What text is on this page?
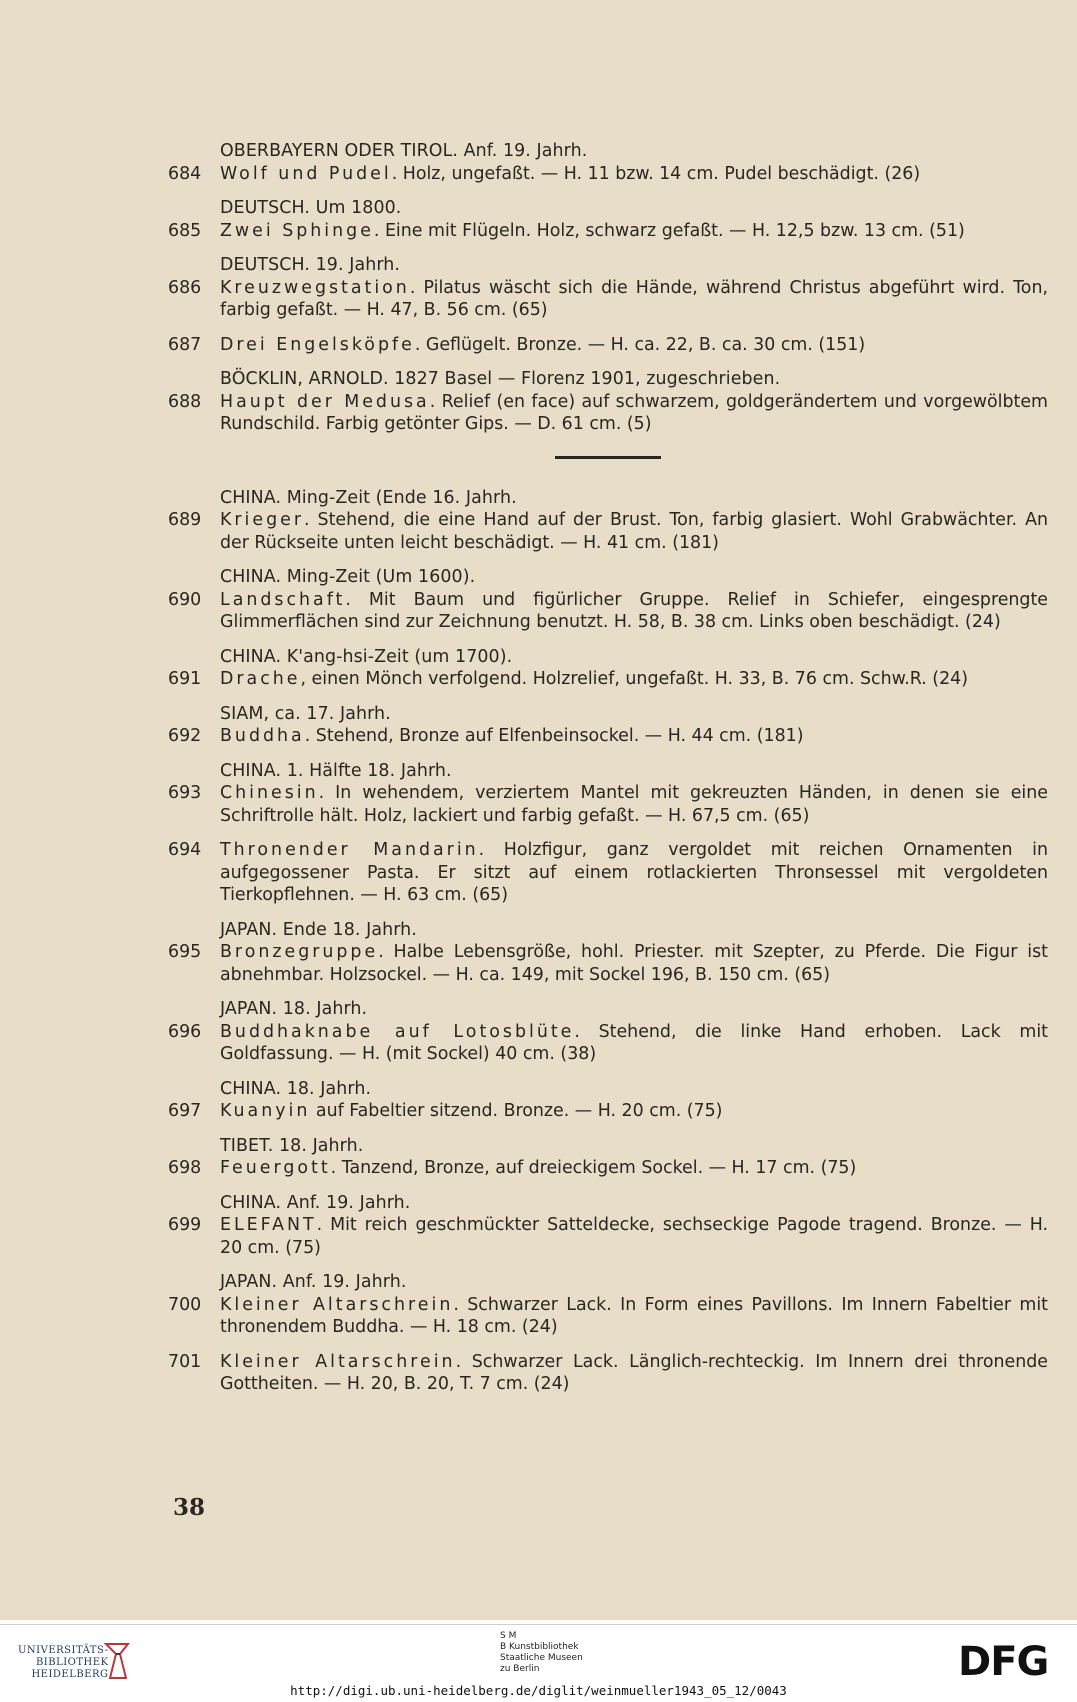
OBERBAYERN ODER TIROL. Anf. 19. Jahrh.
684	Wolf und Pudel. Holz, ungefaßt. — H. 11 bzw. 14 cm. Pudel beschädigt. (26)
DEUTSCH. Um 1800.
685	Zwei Sphinge. Eine mit Flügeln. Holz, schwarz gefaßt. — H. 12,5 bzw. 13 cm. (51)
DEUTSCH. 19. Jahrh.
686	Kreuzwegstation. Pilatus wäscht sich die Hände, während Christus abgeführt wird. Ton, farbig gefaßt. — H. 47, B. 56 cm. (65)
687	Drei Engelsköpfe. Geflügelt. Bronze. — H. ca. 22, B. ca. 30 cm. (151)
BÖCKLIN, ARNOLD. 1827 Basel — Florenz 1901, zugeschrieben.
688	Haupt der Medusa. Relief (en face) auf schwarzem, goldgerändertem und vorgewölbtem Rundschild. Farbig getönter Gips. — D. 61 cm. (5)
CHINA. Ming-Zeit (Ende 16. Jahrh.
689	Krieger. Stehend, die eine Hand auf der Brust. Ton, farbig glasiert. Wohl Grabwächter. An der Rückseite unten leicht beschädigt. — H. 41 cm. (181)
CHINA. Ming-Zeit (Um 1600).
690	Landschaft. Mit Baum und figürlicher Gruppe. Relief in Schiefer, eingesprengte Glimmerflächen sind zur Zeichnung benutzt. H. 58, B. 38 cm. Links oben beschädigt. (24)
CHINA. K'ang-hsi-Zeit (um 1700).
691	Drache, einen Mönch verfolgend. Holzrelief, ungefaßt. H. 33, B. 76 cm. Schw.R. (24)
SIAM, ca. 17. Jahrh.
692	Buddha. Stehend, Bronze auf Elfenbeinsockel. — H. 44 cm. (181)
CHINA. 1. Hälfte 18. Jahrh.
693	Chinesin. In wehendem, verziertem Mantel mit gekreuzten Händen, in denen sie eine Schriftrolle hält. Holz, lackiert und farbig gefaßt. — H. 67,5 cm. (65)
694	Thronender Mandarin. Holzfigur, ganz vergoldet mit reichen Ornamenten in aufgegossener Pasta. Er sitzt auf einem rotlackierten Thronsessel mit vergoldeten Tierkopflehnen. — H. 63 cm. (65)
JAPAN. Ende 18. Jahrh.
695	Bronzegruppe. Halbe Lebensgröße, hohl. Priester. mit Szepter, zu Pferde. Die Figur ist abnehmbar. Holzsockel. — H. ca. 149, mit Sockel 196, B. 150 cm. (65)
JAPAN. 18. Jahrh.
696	Buddhaknabe auf Lotosblüte. Stehend, die linke Hand erhoben. Lack mit Goldfassung. — H. (mit Sockel) 40 cm. (38)
CHINA. 18. Jahrh.
697	Kuanyin auf Fabeltier sitzend. Bronze. — H. 20 cm. (75)
TIBET. 18. Jahrh.
698	Feuergott. Tanzend, Bronze, auf dreieckigem Sockel. — H. 17 cm. (75)
CHINA. Anf. 19. Jahrh.
699	ELEFANT. Mit reich geschmückter Satteldecke, sechseckige Pagode tragend. Bronze. — H. 20 cm. (75)
JAPAN. Anf. 19. Jahrh.
700	Kleiner Altarschrein. Schwarzer Lack. In Form eines Pavillons. Im Innern Fabeltier mit thronendem Buddha. — H. 18 cm. (24)
701	Kleiner Altarschrein. Schwarzer Lack. Länglich-rechteckig. Im Innern drei thronende Gottheiten. — H. 20, B. 20, T. 7 cm. (24)
38
UNIVERSITÄTS-
BIBLIOTHEK
HEIDELBERG
S M
B Kunstbibliothek
Staatliche Museen
zu Berlin	DFG
http://digi.ub.uni-heidelberg.de/diglit/weinmueller1943_05_12/0043
